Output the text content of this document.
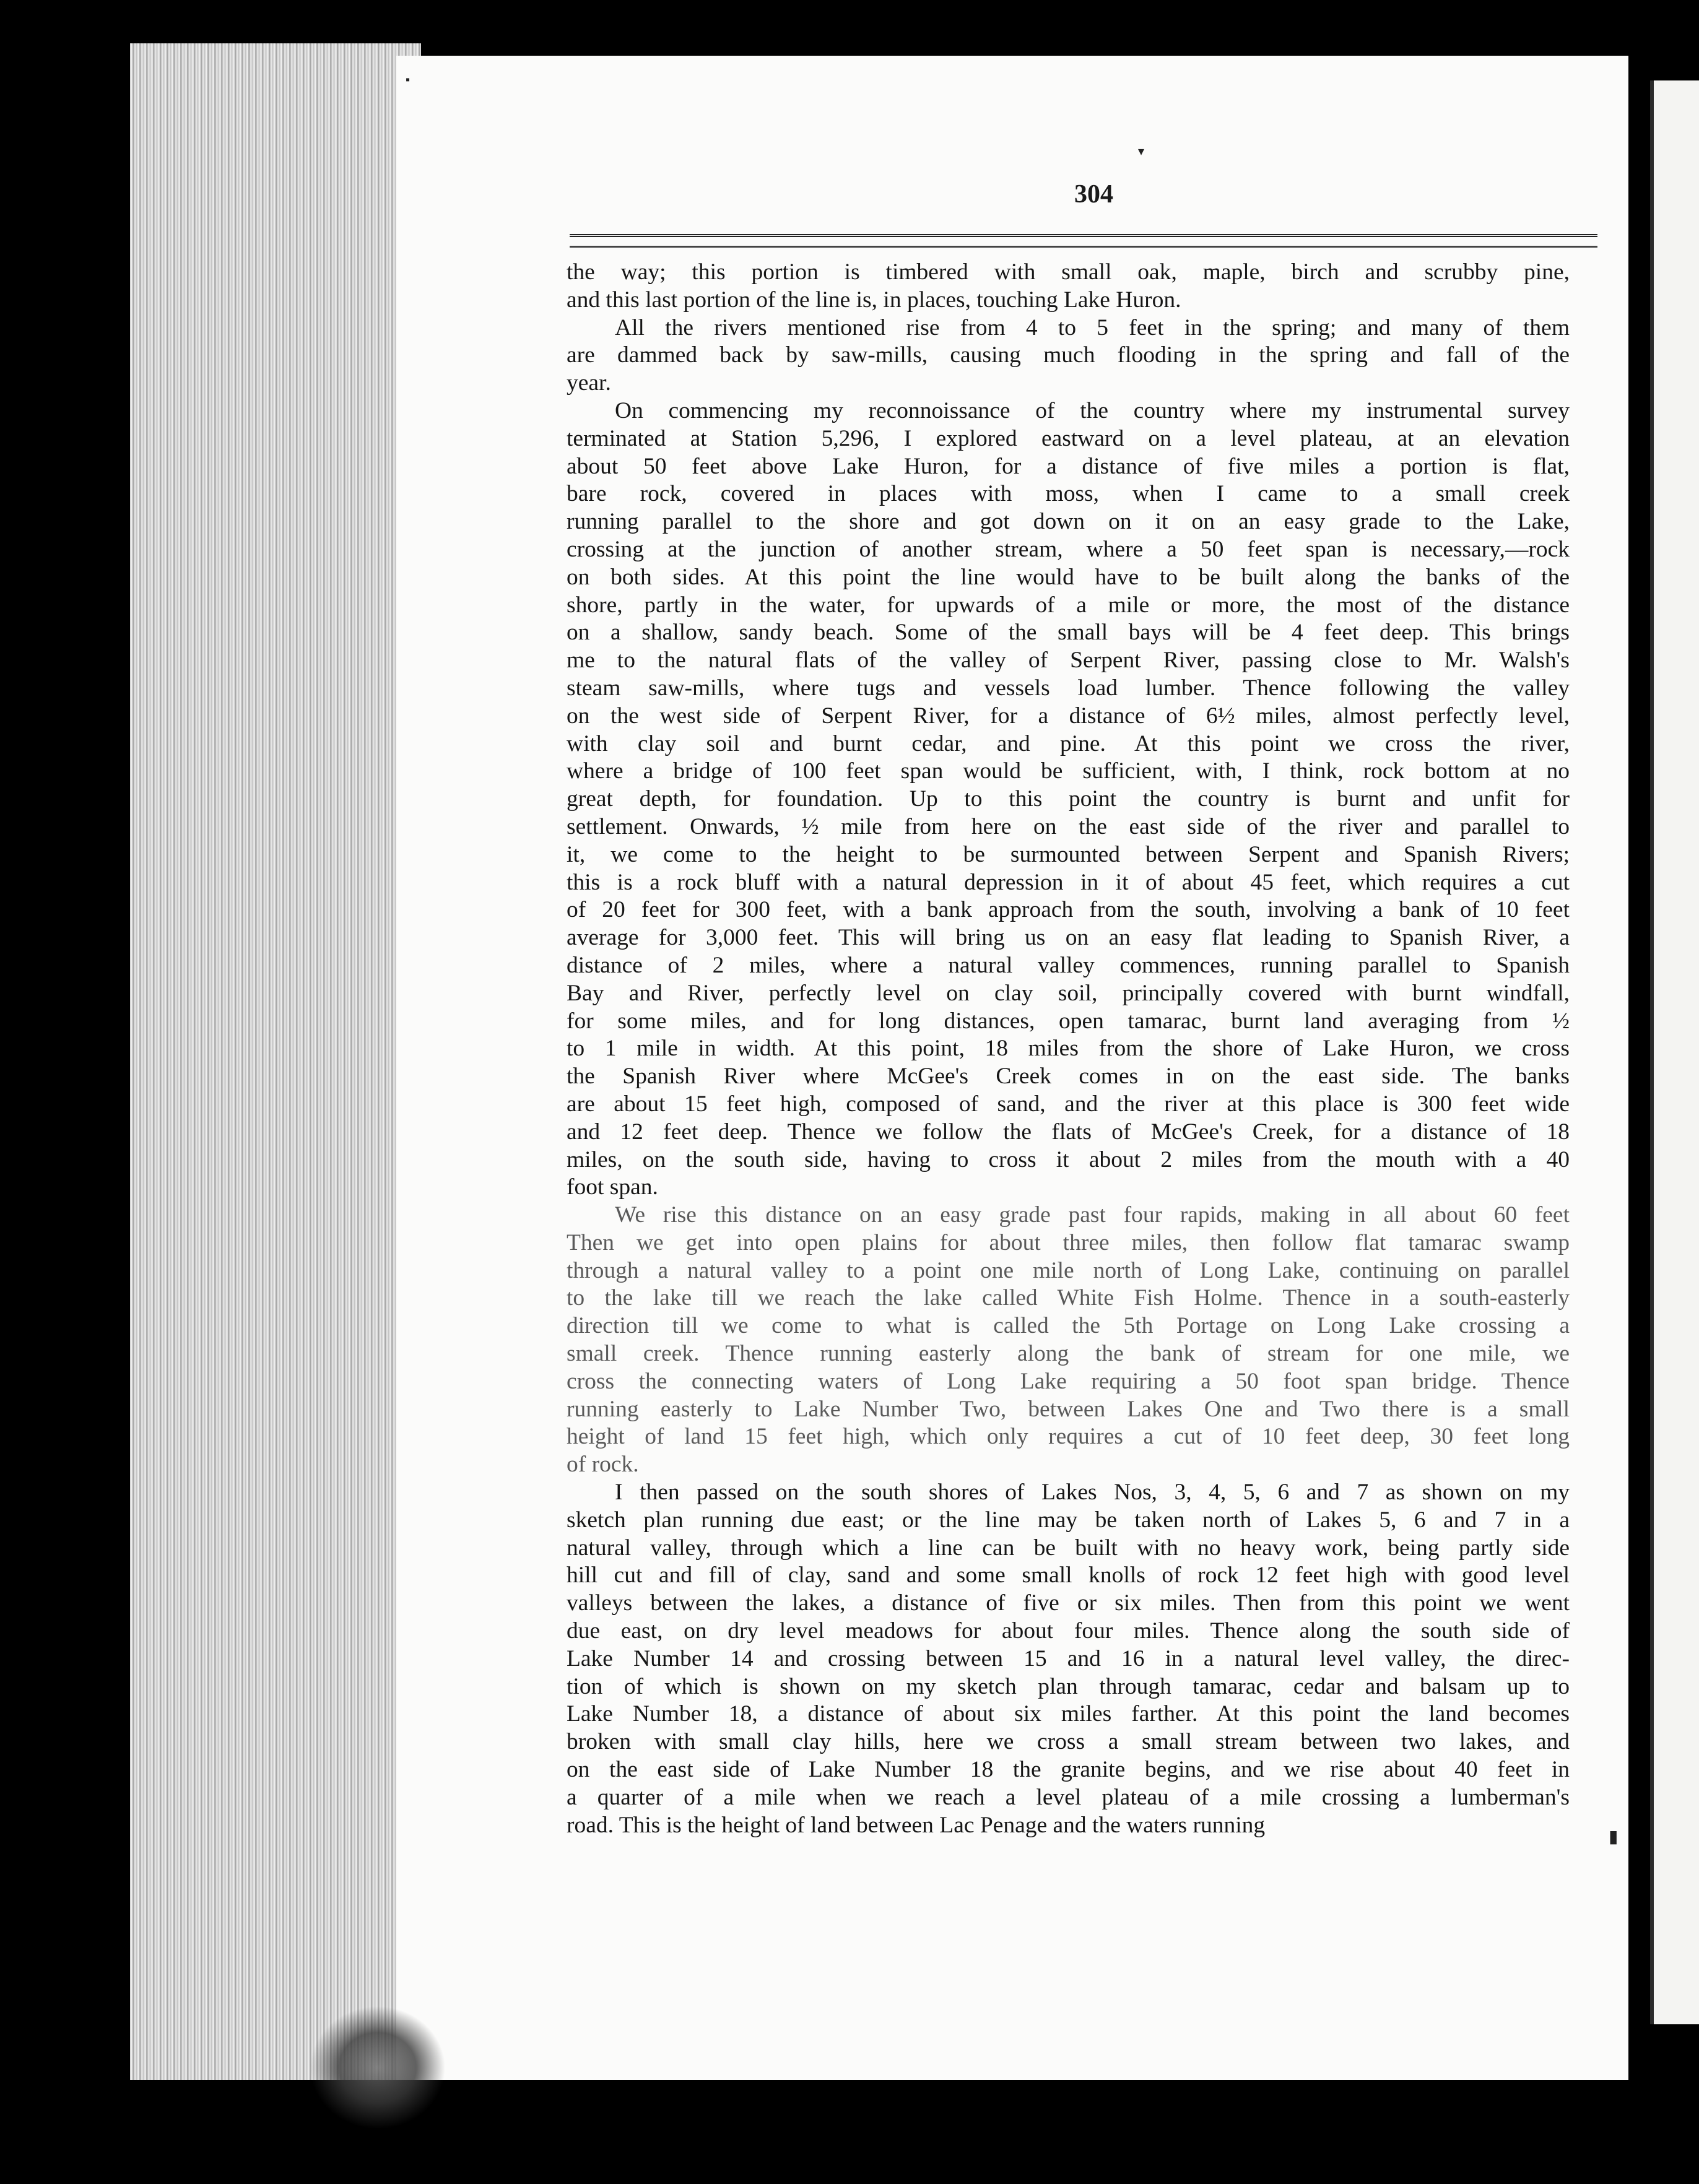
▪
▾
▮
304

the way; this portion is timbered with small oak, maple, birch and scrubby pine,
and this last portion of the line is, in places, touching Lake Huron.

All the rivers mentioned rise from 4 to 5 feet in the spring; and many of them
are dammed back by saw-mills, causing much flooding in the spring and fall of the
year.

On commencing my reconnoissance of the country where my instrumental survey
terminated at Station 5,296, I explored eastward on a level plateau, at an elevation
about 50 feet above Lake Huron, for a distance of five miles a portion is flat,
bare rock, covered in places with moss, when I came to a small creek
running parallel to the shore and got down on it on an easy grade to the Lake,
crossing at the junction of another stream, where a 50 feet span is necessary,—rock
on both sides. At this point the line would have to be built along the banks of the
shore, partly in the water, for upwards of a mile or more, the most of the distance
on a shallow, sandy beach. Some of the small bays will be 4 feet deep. This brings
me to the natural flats of the valley of Serpent River, passing close to Mr. Walsh's
steam saw-mills, where tugs and vessels load lumber. Thence following the valley
on the west side of Serpent River, for a distance of 6½ miles, almost perfectly level,
with clay soil and burnt cedar, and pine. At this point we cross the river,
where a bridge of 100 feet span would be sufficient, with, I think, rock bottom at no
great depth, for foundation. Up to this point the country is burnt and unfit for
settlement. Onwards, ½ mile from here on the east side of the river and parallel to
it, we come to the height to be surmounted between Serpent and Spanish Rivers;
this is a rock bluff with a natural depression in it of about 45 feet, which requires a cut
of 20 feet for 300 feet, with a bank approach from the south, involving a bank of 10 feet
average for 3,000 feet. This will bring us on an easy flat leading to Spanish River, a
distance of 2 miles, where a natural valley commences, running parallel to Spanish
Bay and River, perfectly level on clay soil, principally covered with burnt windfall,
for some miles, and for long distances, open tamarac, burnt land averaging from ½
to 1 mile in width. At this point, 18 miles from the shore of Lake Huron, we cross
the Spanish River where McGee's Creek comes in on the east side. The banks
are about 15 feet high, composed of sand, and the river at this place is 300 feet wide
and 12 feet deep. Thence we follow the flats of McGee's Creek, for a distance of 18
miles, on the south side, having to cross it about 2 miles from the mouth with a 40
foot span.

We rise this distance on an easy grade past four rapids, making in all about 60 feet
Then we get into open plains for about three miles, then follow flat tamarac swamp
through a natural valley to a point one mile north of Long Lake, continuing on parallel
to the lake till we reach the lake called White Fish Holme. Thence in a south-easterly
direction till we come to what is called the 5th Portage on Long Lake crossing a
small creek. Thence running easterly along the bank of stream for one mile, we
cross the connecting waters of Long Lake requiring a 50 foot span bridge. Thence
running easterly to Lake Number Two, between Lakes One and Two there is a small
height of land 15 feet high, which only requires a cut of 10 feet deep, 30 feet long
of rock.

I then passed on the south shores of Lakes Nos, 3, 4, 5, 6 and 7 as shown on my
sketch plan running due east; or the line may be taken north of Lakes 5, 6 and 7 in a
natural valley, through which a line can be built with no heavy work, being partly side
hill cut and fill of clay, sand and some small knolls of rock 12 feet high with good level
valleys between the lakes, a distance of five or six miles. Then from this point we went
due east, on dry level meadows for about four miles. Thence along the south side of
Lake Number 14 and crossing between 15 and 16 in a natural level valley, the direc-
tion of which is shown on my sketch plan through tamarac, cedar and balsam up to
Lake Number 18, a distance of about six miles farther. At this point the land becomes
broken with small clay hills, here we cross a small stream between two lakes, and
on the east side of Lake Number 18 the granite begins, and we rise about 40 feet in
a quarter of a mile when we reach a level plateau of a mile crossing a lumberman's
road. This is the height of land between Lac Penage and the waters running
